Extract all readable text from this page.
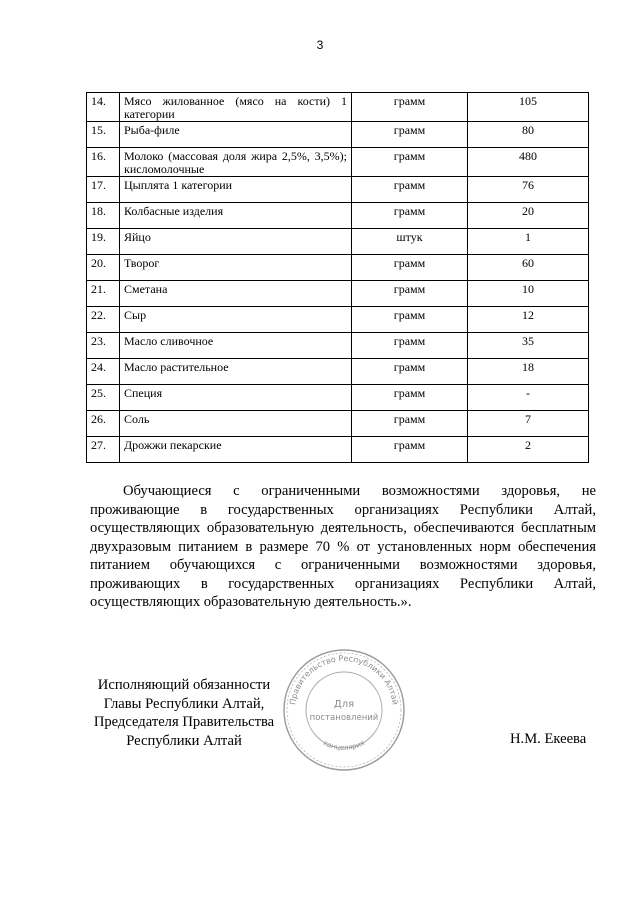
3
14.	Мясо жилованное (мясо на кости) 1 категории	грамм	105
15.	Рыба-филе	грамм	80
16.	Молоко (массовая доля жира 2,5%, 3,5%); кисломолочные	грамм	480
17.	Цыплята 1 категории	грамм	76
18.	Колбасные изделия	грамм	20
19.	Яйцо	штук	1
20.	Творог	грамм	60
21.	Сметана	грамм	10
22.	Сыр	грамм	12
23.	Масло сливочное	грамм	35
24.	Масло растительное	грамм	18
25.	Специя	грамм	-
26.	Соль	грамм	7
27.	Дрожжи пекарские	грамм	2
Обучающиеся с ограниченными возможностями здоровья, не проживающие в государственных организациях Республики Алтай, осуществляющих образовательную деятельность, обеспечиваются бесплатным двухразовым питанием в размере 70 % от установленных норм обеспечения питанием обучающихся с ограниченными возможностями здоровья, проживающих в государственных организациях Республики Алтай, осуществляющих образовательную деятельность.».
Исполняющий обязанности
Главы Республики Алтай,
Председателя Правительства
Республики Алтай	Н.М. Екеева
Правительство Республики Алтай
канцелярия
Для
постановлений
